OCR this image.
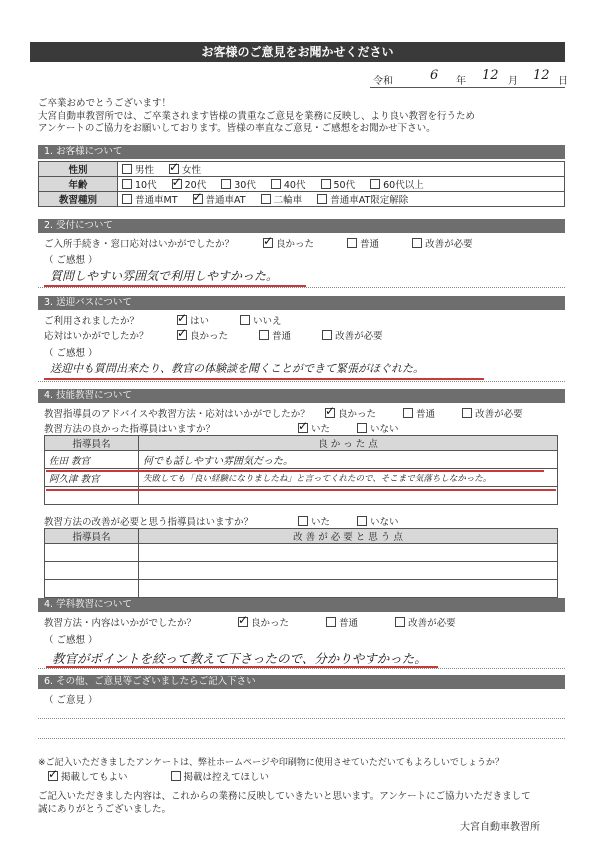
お客様のご意見をお聞かせください
令和	6 年 12 月 12 日
ご卒業おめでとうございます！
大宮自動車教習所では、ご卒業されます皆様の貴重なご意見を業務に反映し、より良い教習を行うため
アンケートのご協力をお願いしております。皆様の率直なご意見・ご感想をお聞かせ下さい。
1. お客様について
性別	男性 ✓ 女性
年齢	10代 ✓ 20代 30代 40代 50代 60代以上
教習種別	普通車MT ✓ 普通車AT 二輪車 普通車AT限定解除
2. 受付について
ご入所手続き・窓口応対はいかがでしたか？ ✓	良かった	普通	改善が必要
（ ご感想 ）
質問しやすい雰囲気で利用しやすかった。
3. 送迎バスについて
ご利用されましたか？ ✓	はい	いいえ
応対はいかがでしたか？ ✓	良かった	普通	改善が必要
（ ご感想 ）
送迎中も質問出来たり、教官の体験談を聞くことができて緊張がほぐれた。
4. 技能教習について
教習指導員のアドバイスや教習方法・応対はいかがでしたか？ ✓	良かった	普通	改善が必要
教習方法の良かった指導員はいますか？ ✓	いた	いない
指導員名	良 か っ た 点
佐田 教官	何でも話しやすい雰囲気だった。
阿久津 教官	失敗しても「良い経験になりましたね」と言ってくれたので、そこまで気落ちしなかった。

教習方法の改善が必要と思う指導員はいますか？	いた	いない
指導員名	改 善 が 必 要 と 思 う 点

4. 学科教習について
教習方法・内容はいかがでしたか？ ✓	良かった	普通	改善が必要
（ ご感想 ）
教官がポイントを絞って教えて下さったので、分かりやすかった。
6. その他、ご意見等ございましたらご記入下さい
（ ご意見 ）
※ご記入いただきましたアンケートは、弊社ホームページや印刷物に使用させていただいてもよろしいでしょうか？
✓掲載してもよい	掲載は控えてほしい
ご記入いただきました内容は、これからの業務に反映していきたいと思います。アンケートにご協力いただきまして
誠にありがとうございました。
大宮自動車教習所
